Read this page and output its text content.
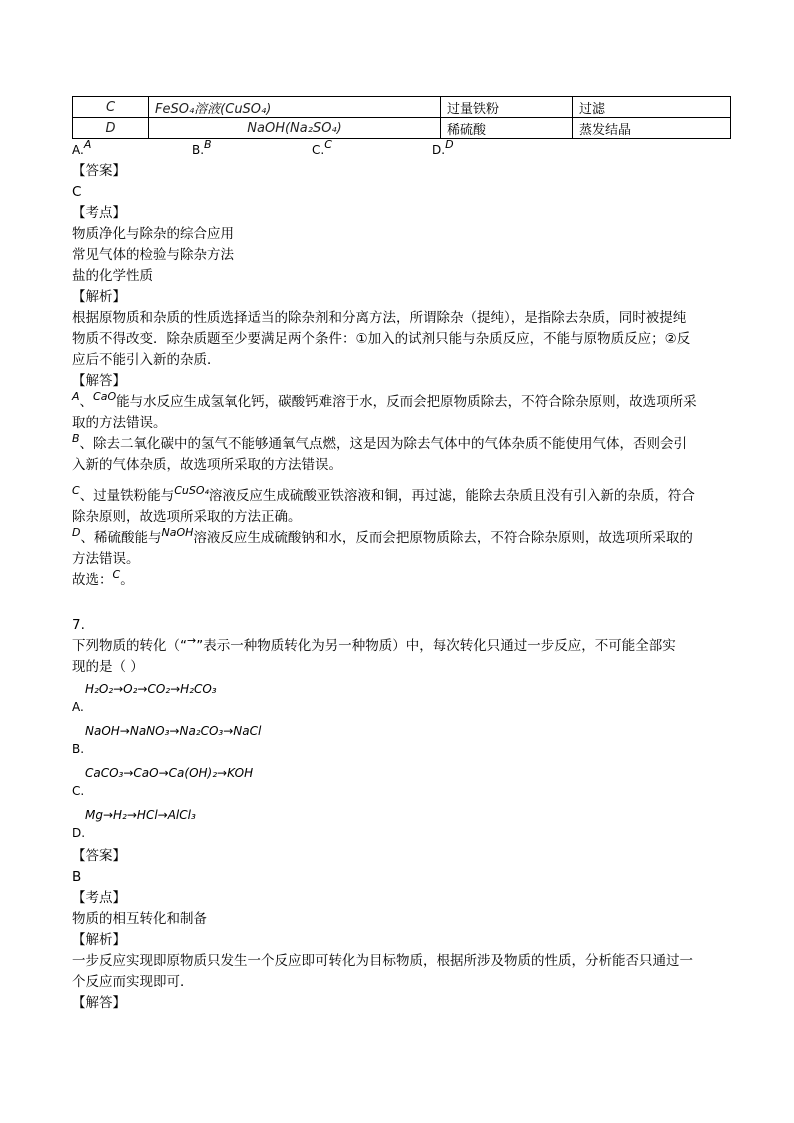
C	FeSO₄溶液(CuSO₄)	过量铁粉	过滤
D	NaOH(Na₂SO₄)	稀硫酸	蒸发结晶
A.A	B.B	C.C	D.D
【答案】
C
【考点】
物质净化与除杂的综合应用
常见气体的检验与除杂方法
盐的化学性质
【解析】
根据原物质和杂质的性质选择适当的除杂剂和分离方法，所谓除杂（提纯），是指除去杂质，同时被提纯
物质不得改变．除杂质题至少要满足两个条件：①加入的试剂只能与杂质反应，不能与原物质反应；②反
应后不能引入新的杂质．
【解答】
$^A$、$^{CaO}$能与水反应生成氢氧化钙，碳酸钙难溶于水，反而会把原物质除去，不符合除杂原则，故选项所采
取的方法错误。
$^B$、除去二氧化碳中的氢气不能够通氧气点燃，这是因为除去气体中的气体杂质不能使用气体，否则会引
入新的气体杂质，故选项所采取的方法错误。
$^C$、过量铁粉能与$^{CuSO_4}$溶液反应生成硫酸亚铁溶液和铜，再过滤，能除去杂质且没有引入新的杂质，符合
除杂原则，故选项所采取的方法正确。
$^D$、稀硫酸能与$^{NaOH}$溶液反应生成硫酸钠和水，反而会把原物质除去，不符合除杂原则，故选项所采取的
方法错误。
故选：$^C$。
7.
下列物质的转化（“→”表示一种物质转化为另一种物质）中，每次转化只通过一步反应，不可能全部实
现的是（ ）
A.
H₂O₂→O₂→CO₂→H₂CO₃
B.
NaOH→NaNO₃→Na₂CO₃→NaCl
C.
CaCO₃→CaO→Ca(OH)₂→KOH
D.
Mg→H₂→HCl→AlCl₃
【答案】
B
【考点】
物质的相互转化和制备
【解析】
一步反应实现即原物质只发生一个反应即可转化为目标物质，根据所涉及物质的性质，分析能否只通过一
个反应而实现即可．
【解答】
